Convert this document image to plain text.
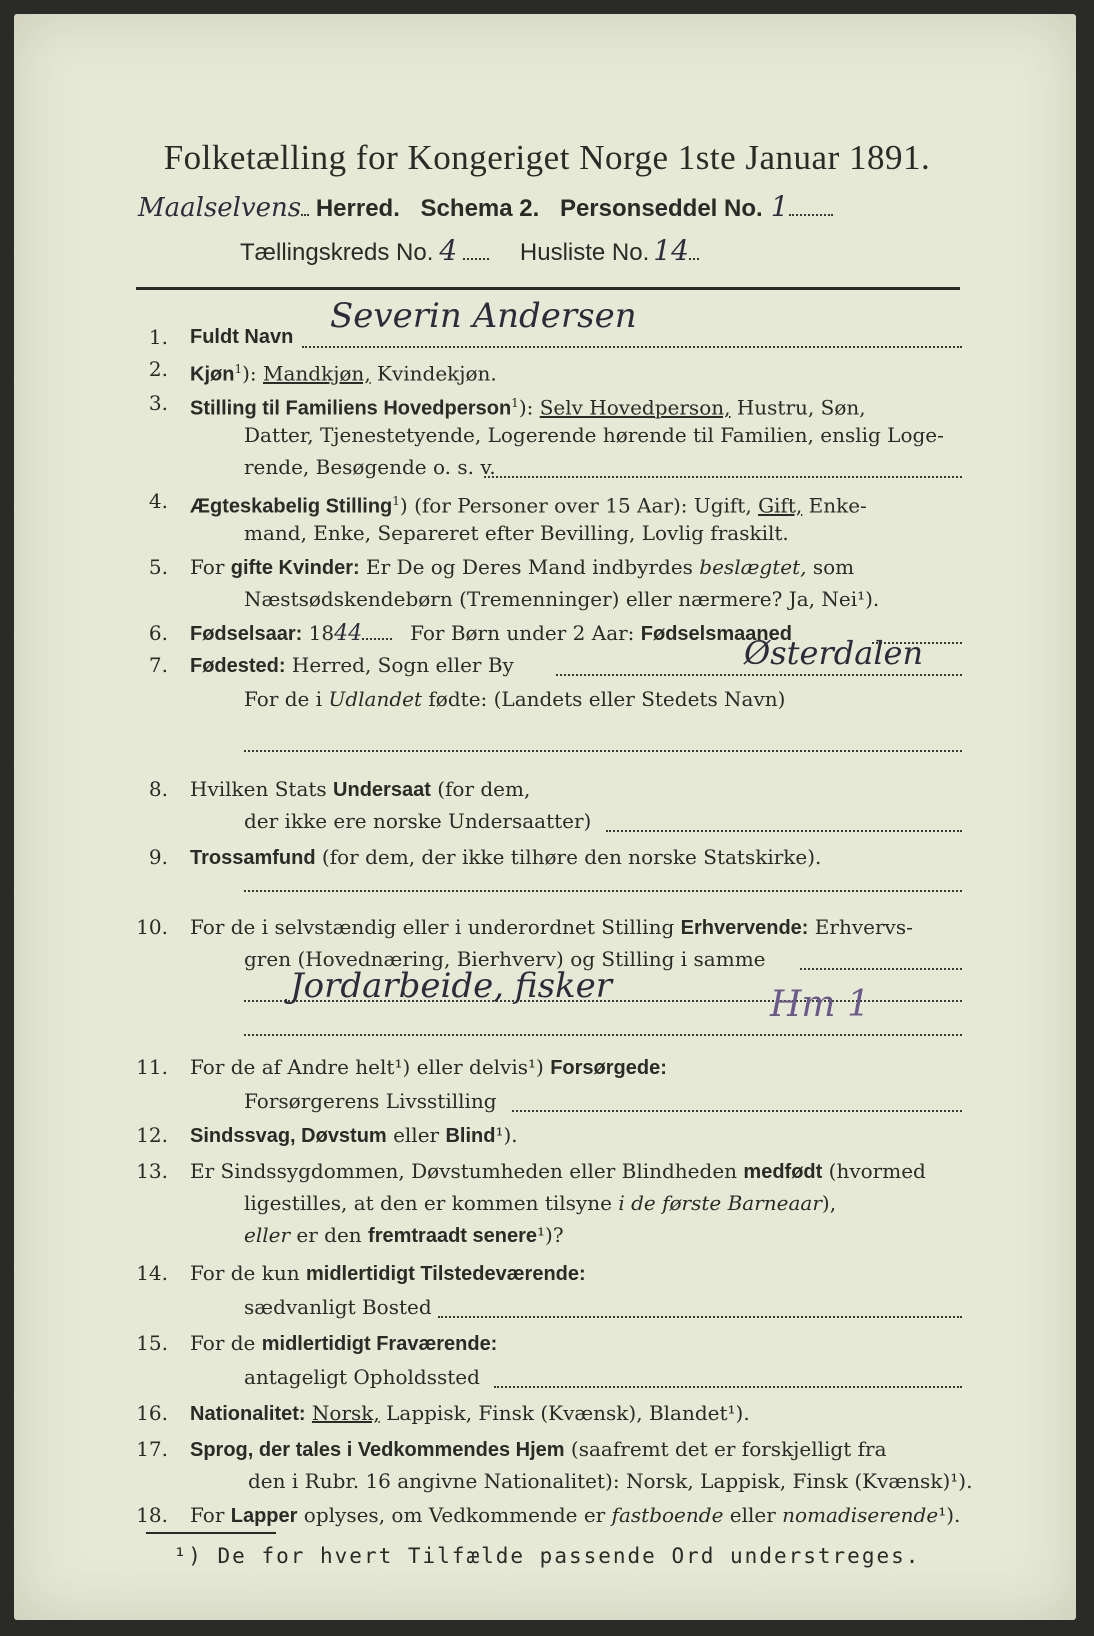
Folketælling for Kongeriget Norge 1ste Januar 1891.
Maalselvens Herred. Schema 2. Personseddel No. 1
Tællingskreds No. 4	Husliste No. 14
1. Fuldt Navn
Severin Andersen
2. Kjøn$^1$): Mandkjøn, Kvindekjøn.
3. Stilling til Familiens Hovedperson$^1$): Selv Hovedperson, Hustru, Søn,
Datter, Tjenestetyende, Logerende hørende til Familien, enslig Loge-
rende, Besøgende o. s. v.
4. Ægteskabelig Stilling$^1$) (for Personer over 15 Aar): Ugift, Gift, Enke-
mand, Enke, Separeret efter Bevilling, Lovlig fraskilt.
5. For gifte Kvinder: Er De og Deres Mand indbyrdes beslægtet, som
Næstsødskendebørn (Tremenninger) eller nærmere? Ja, Nei¹).
6. Fødselsaar: 1844 For Børn under 2 Aar: Fødselsmaaned
7. Fødested: Herred, Sogn eller By	Østerdalen
For de i Udlandet fødte: (Landets eller Stedets Navn)
8. Hvilken Stats Undersaat (for dem,
der ikke ere norske Undersaatter)
9. Trossamfund (for dem, der ikke tilhøre den norske Statskirke).
10. For de i selvstændig eller i underordnet Stilling Erhvervende: Erhvervs-
gren (Hovednæring, Bierhverv) og Stilling i samme
Jordarbeide, fisker	Hm 1
11. For de af Andre helt¹) eller delvis¹) Forsørgede:
Forsørgerens Livsstilling
12. Sindssvag, Døvstum eller Blind¹).
13. Er Sindssygdommen, Døvstumheden eller Blindheden medfødt (hvormed
ligestilles, at den er kommen tilsyne i de første Barneaar),
eller er den fremtraadt senere¹)?
14. For de kun midlertidigt Tilstedeværende:
sædvanligt Bosted
15. For de midlertidigt Fraværende:
antageligt Opholdssted
16. Nationalitet: Norsk, Lappisk, Finsk (Kvænsk), Blandet¹).
17. Sprog, der tales i Vedkommendes Hjem (saafremt det er forskjelligt fra
den i Rubr. 16 angivne Nationalitet): Norsk, Lappisk, Finsk (Kvænsk)¹).
18. For Lapper oplyses, om Vedkommende er fastboende eller nomadiserende¹).
¹) De for hvert Tilfælde passende Ord understreges.
